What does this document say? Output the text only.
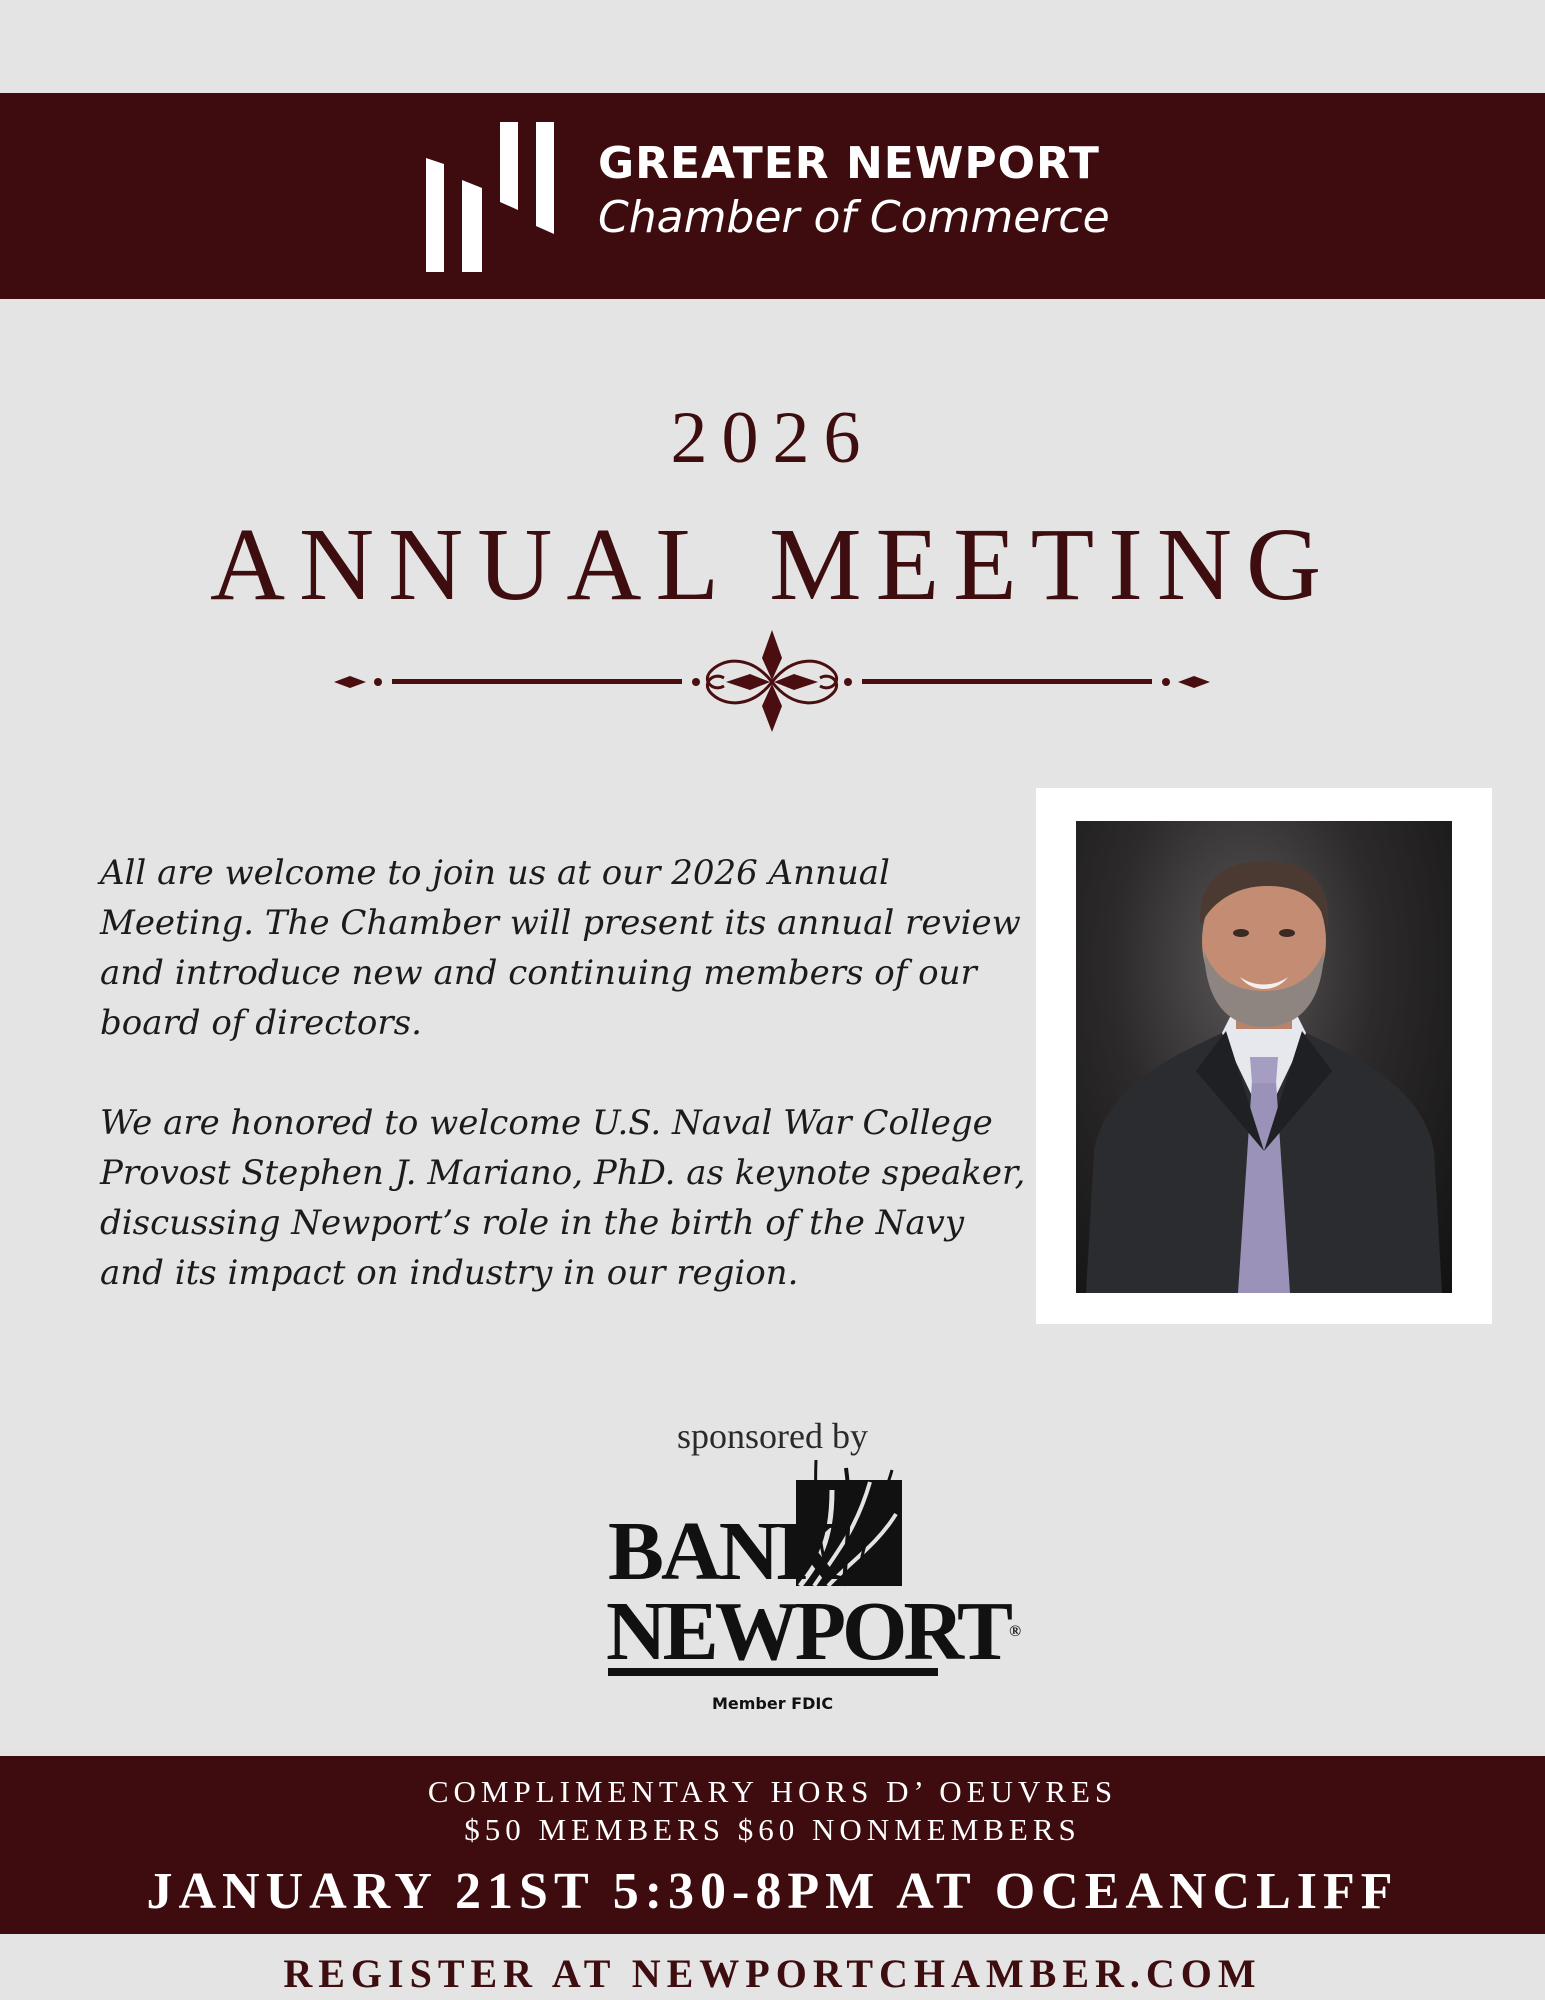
GREATER NEWPORT
Chamber of Commerce
2026
ANNUAL MEETING

All are welcome to join us at our 2026 Annual Meeting. The Chamber will present its annual review and introduce new and continuing members of our board of directors.

We are honored to welcome U.S. Naval War College Provost Stephen J. Mariano, PhD. as keynote speaker, discussing Newport’s role in the birth of the Navy and its impact on industry in our region.

sponsored by
BANK
NEWPORT®
Member FDIC
COMPLIMENTARY HORS D’ OEUVRES
$50 MEMBERS $60 NONMEMBERS
JANUARY 21ST 5:30-8PM AT OCEANCLIFF
REGISTER AT NEWPORTCHAMBER.COM
